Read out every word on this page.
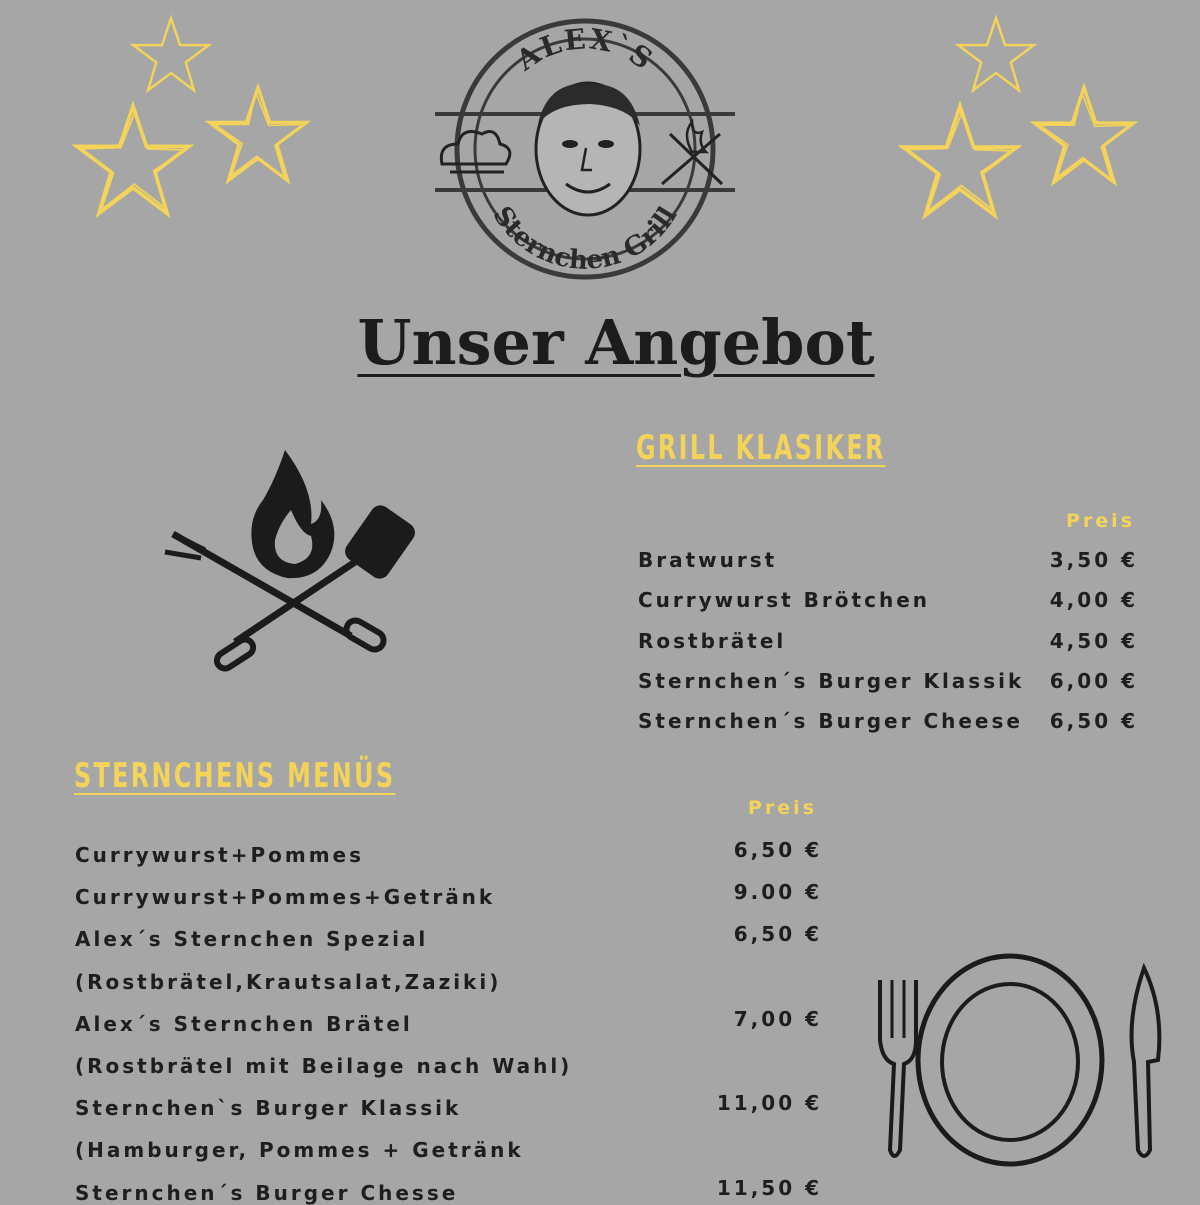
ALEX`S
Sternchen Grill
Unser Angebot
GRILL KLASIKER
Preis
Bratwurst	3,50 €
Currywurst Brötchen	4,00 €
Rostbrätel	4,50 €
Sternchen´s Burger Klassik 6,00 €
Sternchen´s Burger Cheese 6,50 €
STERNCHENS MENÜS
Preis
Currywurst+Pommes	6,50 €
Currywurst+Pommes+Getränk	9.00 €
Alex´s Sternchen Spezial	6,50 €
(Rostbrätel,Krautsalat,Zaziki)
Alex´s Sternchen Brätel	7,00 €
(Rostbrätel mit Beilage nach Wahl)
Sternchen`s Burger Klassik	11,00 €
(Hamburger, Pommes + Getränk
Sternchen´s Burger Chesse	11,50 €
